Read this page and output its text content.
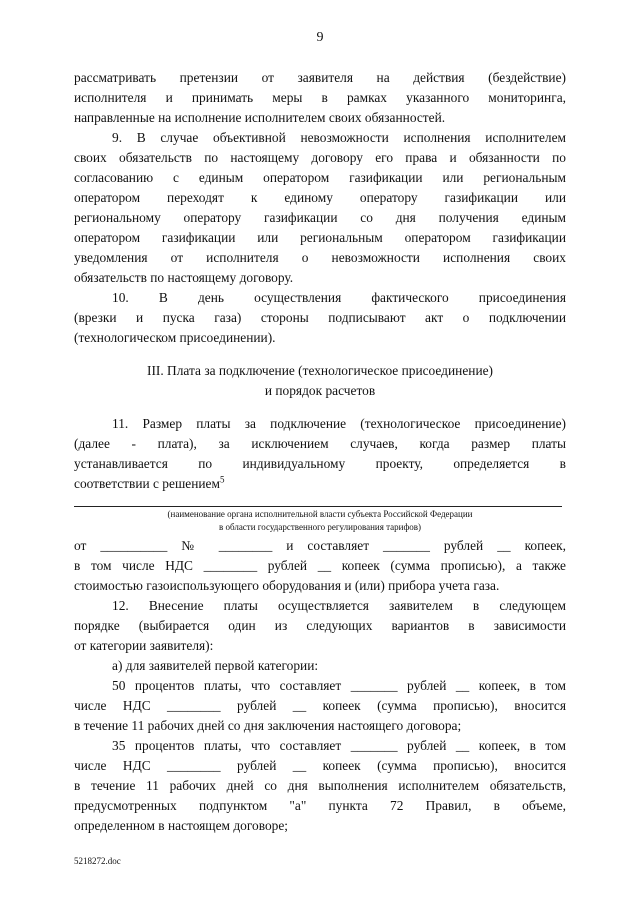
9
рассматривать претензии от заявителя на действия (бездействие)
исполнителя и принимать меры в рамках указанного мониторинга,
направленные на исполнение исполнителем своих обязанностей.
9. В случае объективной невозможности исполнения исполнителем
своих обязательств по настоящему договору его права и обязанности по
согласованию с единым оператором газификации или региональным
оператором переходят к единому оператору газификации или
региональному оператору газификации со дня получения единым
оператором газификации или региональным оператором газификации
уведомления от исполнителя о невозможности исполнения своих
обязательств по настоящему договору.
10. В день осуществления фактического присоединения
(врезки и пуска газа) стороны подписывают акт о подключении
(технологическом присоединении).
III. Плата за подключение (технологическое присоединение)
и порядок расчетов
11. Размер платы за подключение (технологическое присоединение)
(далее - плата), за исключением случаев, когда размер платы
устанавливается по индивидуальному проекту, определяется в
соответствии с решением$^5$
(наименование органа исполнительной власти субъекта Российской Федерации
в области государственного регулирования тарифов)
от __________ № ________ и составляет _______ рублей __ копеек,
в том числе НДС ________ рублей __ копеек (сумма прописью), а также
стоимостью газоиспользующего оборудования и (или) прибора учета газа.
12. Внесение платы осуществляется заявителем в следующем
порядке (выбирается один из следующих вариантов в зависимости
от категории заявителя):
а) для заявителей первой категории:
50 процентов платы, что составляет _______ рублей __ копеек, в том
числе НДС ________ рублей __ копеек (сумма прописью), вносится
в течение 11 рабочих дней со дня заключения настоящего договора;
35 процентов платы, что составляет _______ рублей __ копеек, в том
числе НДС ________ рублей __ копеек (сумма прописью), вносится
в течение 11 рабочих дней со дня выполнения исполнителем обязательств,
предусмотренных подпунктом "а" пункта 72 Правил, в объеме,
определенном в настоящем договоре;
5218272.doc
